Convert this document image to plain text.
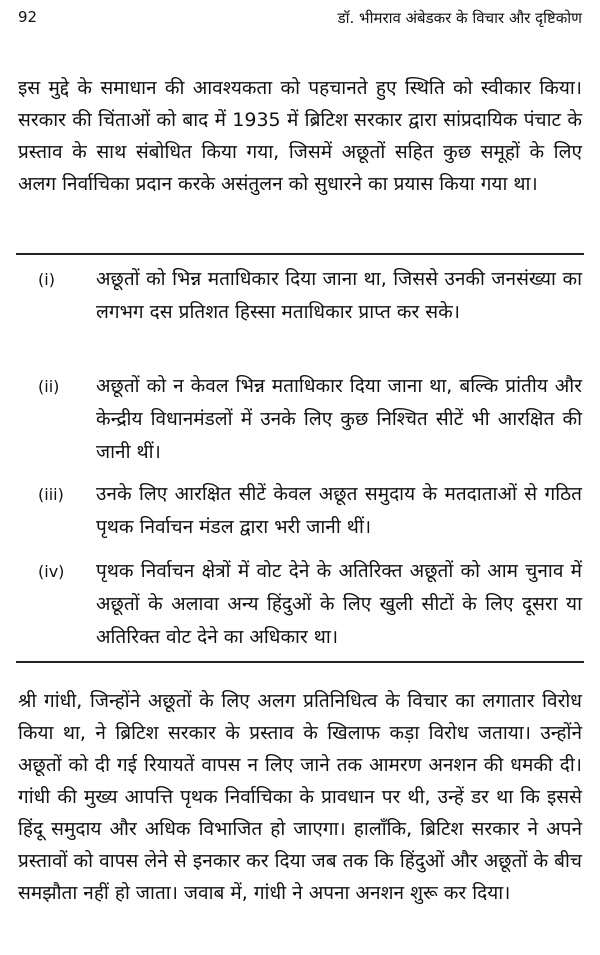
92	डॉ. भीमराव अंबेडकर के विचार और दृष्टिकोण
इस मुद्दे के समाधान की आवश्यकता को पहचानते हुए स्थिति को स्वीकार किया। सरकार की चिंताओं को बाद में 1935 में ब्रिटिश सरकार द्वारा सांप्रदायिक पंचाट के प्रस्ताव के साथ संबोधित किया गया, जिसमें अछूतों सहित कुछ समूहों के लिए अलग निर्वाचिका प्रदान करके असंतुलन को सुधारने का प्रयास किया गया था।
(i)	अछूतों को भिन्न मताधिकार दिया जाना था, जिससे उनकी जनसंख्या का लगभग दस प्रतिशत हिस्सा मताधिकार प्राप्त कर सके।
(ii)	अछूतों को न केवल भिन्न मताधिकार दिया जाना था, बल्कि प्रांतीय और केन्द्रीय विधानमंडलों में उनके लिए कुछ निश्चित सीटें भी आरक्षित की जानी थीं।
(iii)	उनके लिए आरक्षित सीटें केवल अछूत समुदाय के मतदाताओं से गठित पृथक निर्वाचन मंडल द्वारा भरी जानी थीं।
(iv)	पृथक निर्वाचन क्षेत्रों में वोट देने के अतिरिक्त अछूतों को आम चुनाव में अछूतों के अलावा अन्य हिंदुओं के लिए खुली सीटों के लिए दूसरा या अतिरिक्त वोट देने का अधिकार था।
श्री गांधी, जिन्होंने अछूतों के लिए अलग प्रतिनिधित्व के विचार का लगातार विरोध किया था, ने ब्रिटिश सरकार के प्रस्ताव के खिलाफ कड़ा विरोध जताया। उन्होंने अछूतों को दी गई रियायतें वापस न लिए जाने तक आमरण अनशन की धमकी दी। गांधी की मुख्य आपत्ति पृथक निर्वाचिका के प्रावधान पर थी, उन्हें डर था कि इससे हिंदू समुदाय और अधिक विभाजित हो जाएगा। हालाँकि, ब्रिटिश सरकार ने अपने प्रस्तावों को वापस लेने से इनकार कर दिया जब तक कि हिंदुओं और अछूतों के बीच समझौता नहीं हो जाता। जवाब में, गांधी ने अपना अनशन शुरू कर दिया।
